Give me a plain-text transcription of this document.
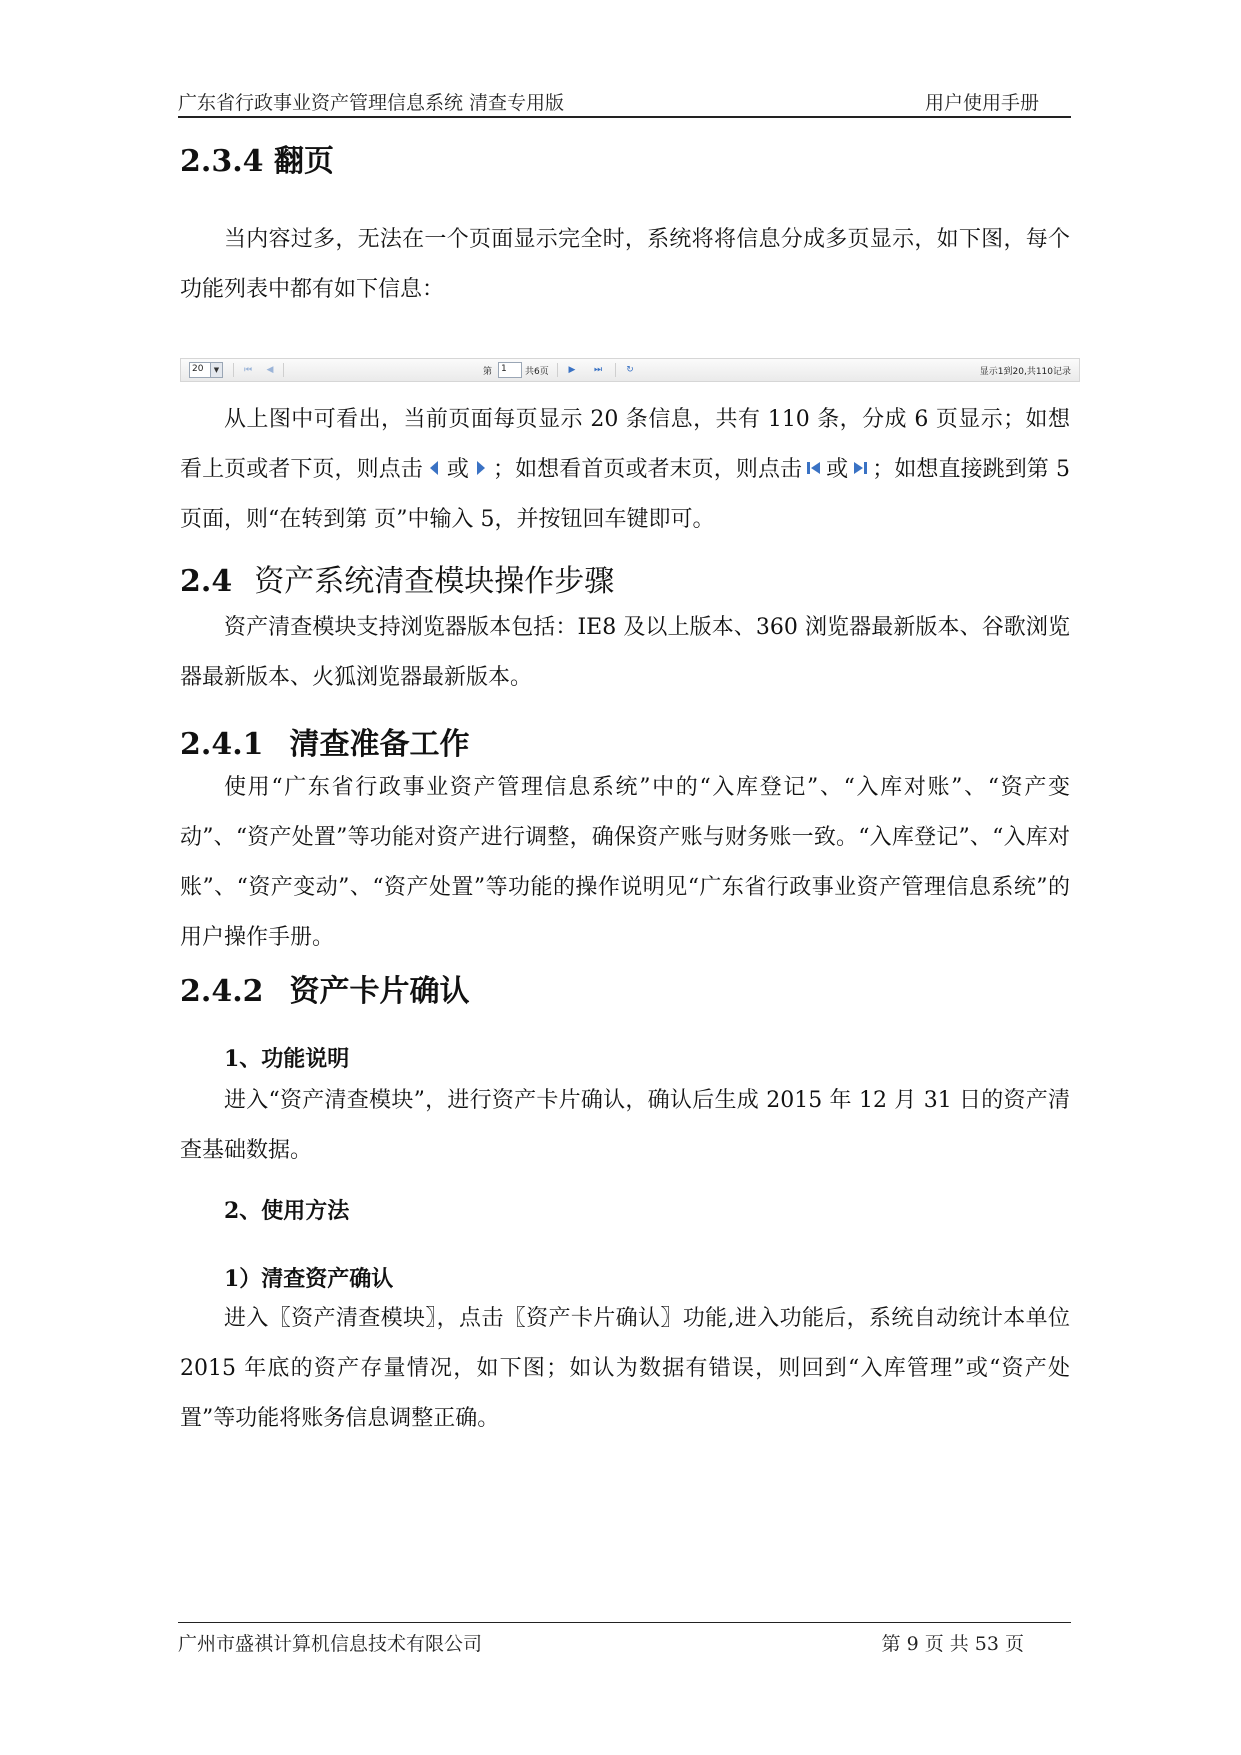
广东省行政事业资产管理信息系统 清查专用版	用户使用手册
2.3.4 翻页

当内容过多，无法在一个页面显示完全时，系统将将信息分成多页显示，如下图，每个功能列表中都有如下信息：

20	▼	⏮	◀	第 1 共6页	▶	⏭	↻	显示1到20,共110记录

从上图中可看出，当前页面每页显示 20 条信息，共有 110 条，分成 6 页显示；如想看上页或者下页，则点击 或 ；如想看首页或者末页，则点击 或 ；如想直接跳到第 5 页面，则“在转到第 页”中输入 5，并按钮回车键即可。

2.4 资产系统清查模块操作步骤

资产清查模块支持浏览器版本包括：IE8 及以上版本、360 浏览器最新版本、谷歌浏览器最新版本、火狐浏览器最新版本。

2.4.1 清查准备工作

使用“广东省行政事业资产管理信息系统”中的“入库登记”、“入库对账”、“资产变动”、“资产处置”等功能对资产进行调整，确保资产账与财务账一致。“入库登记”、“入库对账”、“资产变动”、“资产处置”等功能的操作说明见“广东省行政事业资产管理信息系统”的用户操作手册。

2.4.2 资产卡片确认
1、功能说明

进入“资产清查模块”，进行资产卡片确认，确认后生成 2015 年 12 月 31 日的资产清查基础数据。

2、使用方法
1）清查资产确认

进入〖资产清查模块〗，点击〖资产卡片确认〗功能,进入功能后，系统自动统计本单位 2015 年底的资产存量情况，如下图；如认为数据有错误，则回到“入库管理”或“资产处置”等功能将账务信息调整正确。

广州市盛祺计算机信息技术有限公司	第 9 页 共 53 页
